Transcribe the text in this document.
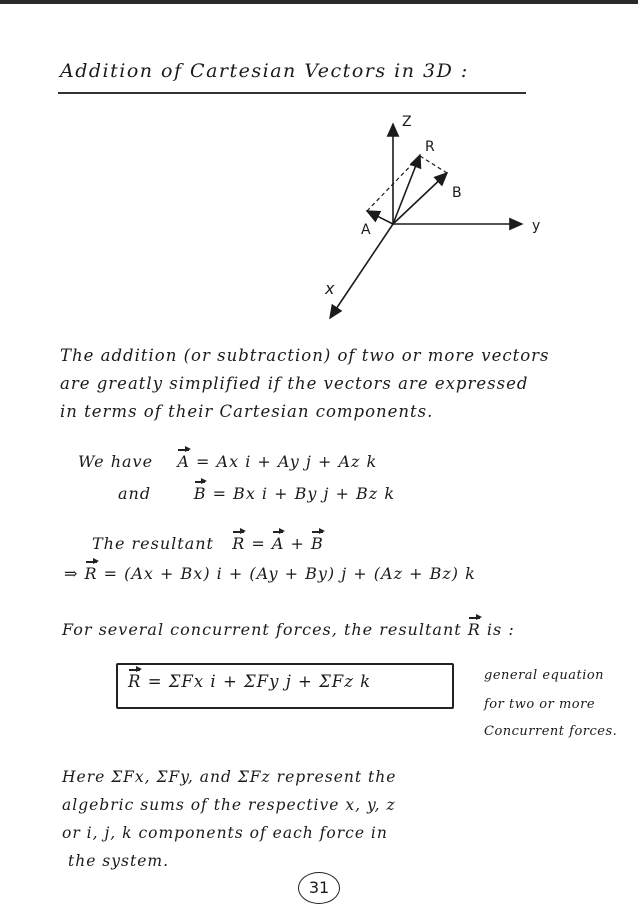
Addition of Cartesian Vectors in 3D :
Z
y
x
R
A
B
The addition (or subtraction) of two or more vectors
are greatly simplified if the vectors are expressed
in terms of their Cartesian components.
We have A = Ax i + Ay j + Az k
and	B = Bx i + By j + Bz k
The resultant R = A + B
⇒ R = (Ax + Bx) i + (Ay + By) j + (Az + Bz) k
For several concurrent forces, the resultant R is :
R = ΣFx i + ΣFy j + ΣFz k	general equation
for two or more
Concurrent forces.
Here ΣFx, ΣFy, and ΣFz represent the
algebric sums of the respective x, y, z
or i, j, k components of each force in
the system.
31
